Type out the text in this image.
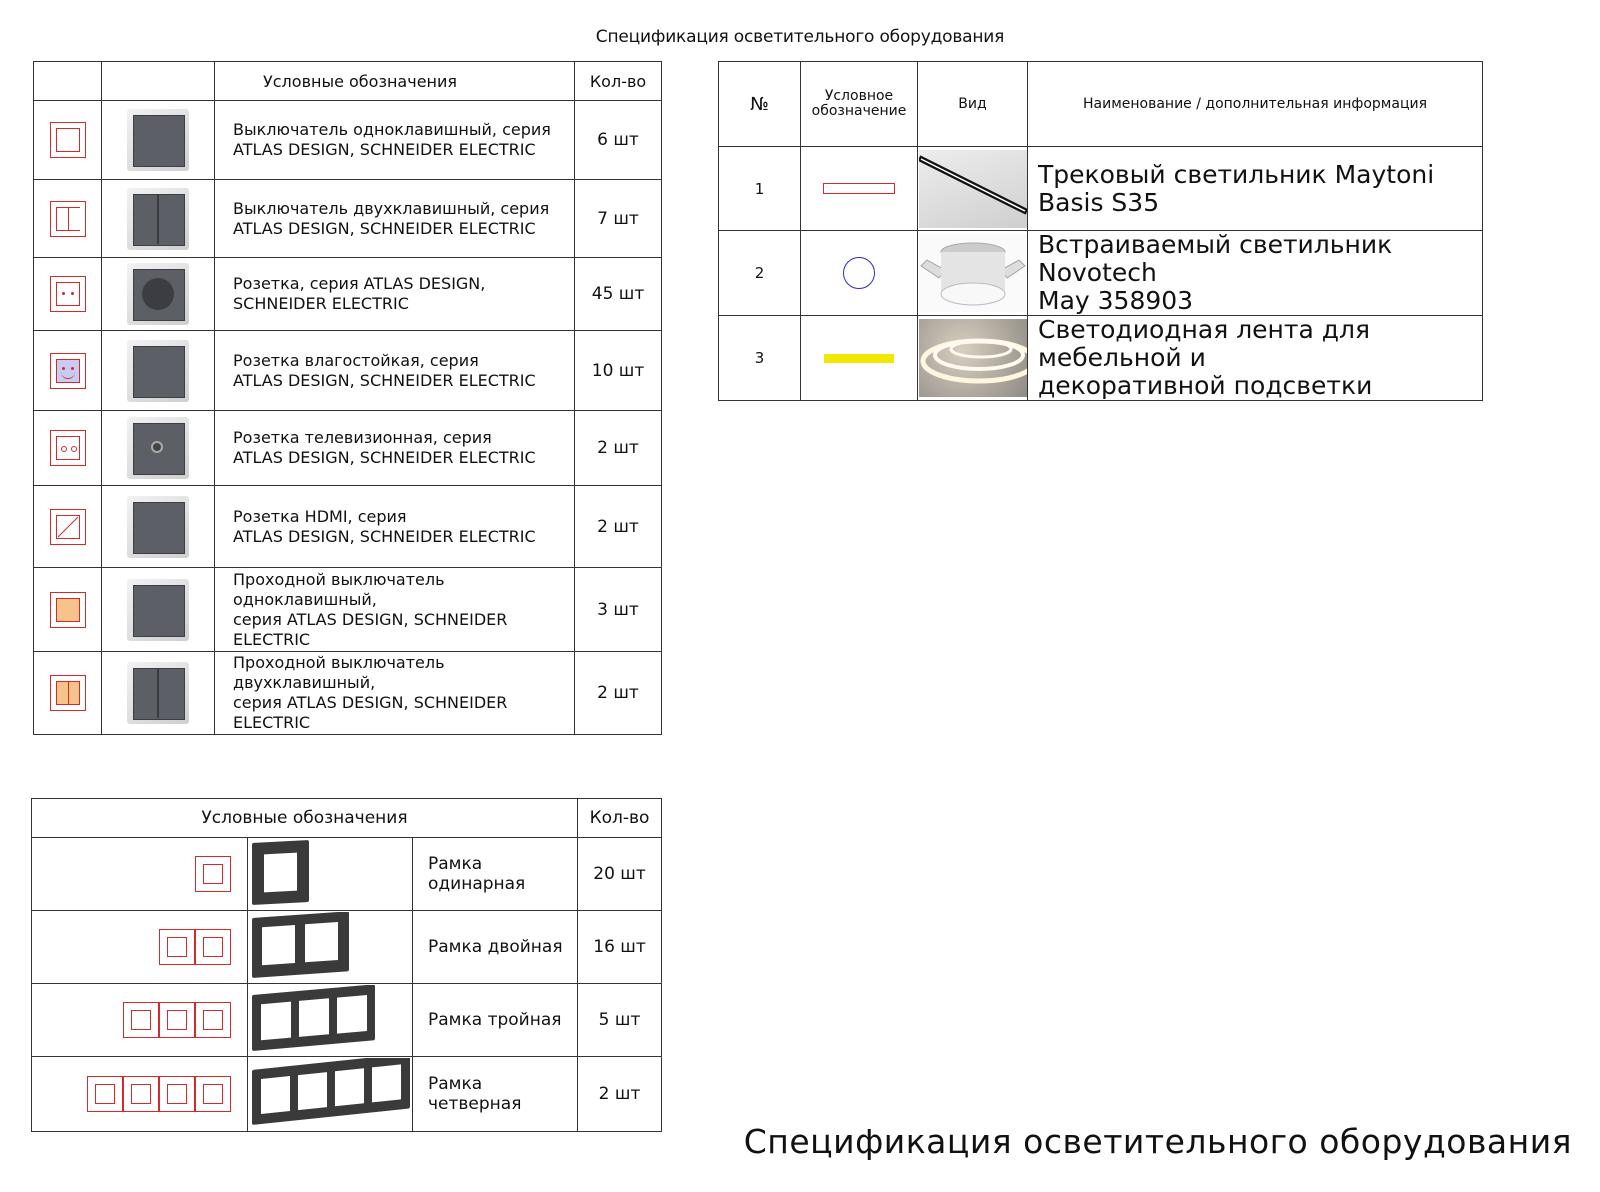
Спецификация осветительного оборудования
		Условные обозначения	Кол-во

		Выключатель одноклавишный, серия
ATLAS DESIGN, SCHNEIDER ELECTRIC	6 шт

		Выключатель двухклавишный, серия
ATLAS DESIGN, SCHNEIDER ELECTRIC	7 шт

		Розетка, серия ATLAS DESIGN,
SCHNEIDER ELECTRIC	45 шт

		Розетка влагостойкая, серия
ATLAS DESIGN, SCHNEIDER ELECTRIC	10 шт

		Розетка телевизионная, серия
ATLAS DESIGN, SCHNEIDER ELECTRIC	2 шт

Розетка HDMI, серия
ATLAS DESIGN, SCHNEIDER ELECTRIC	2 шт

		Проходной выключатель одноклавишный,
серия ATLAS DESIGN, SCHNEIDER ELECTRIC	3 шт

		Проходной выключатель двухклавишный,
серия ATLAS DESIGN, SCHNEIDER ELECTRIC	2 шт
№	Условное
обозначение	Вид	Наименование / дополнительная информация
1			Трековый светильник Maytoni Basis S35

2			Встраиваемый светильник Novotech
May 358903

3			Светодиодная лента для мебельной и
декоративной подсветки
Условные обозначения			Кол-во

	Рамка одинарная	20 шт

	Рамка двойная	16 шт

	Рамка тройная	5 шт

	Рамка четверная	2 шт
Спецификация осветительного оборудования
